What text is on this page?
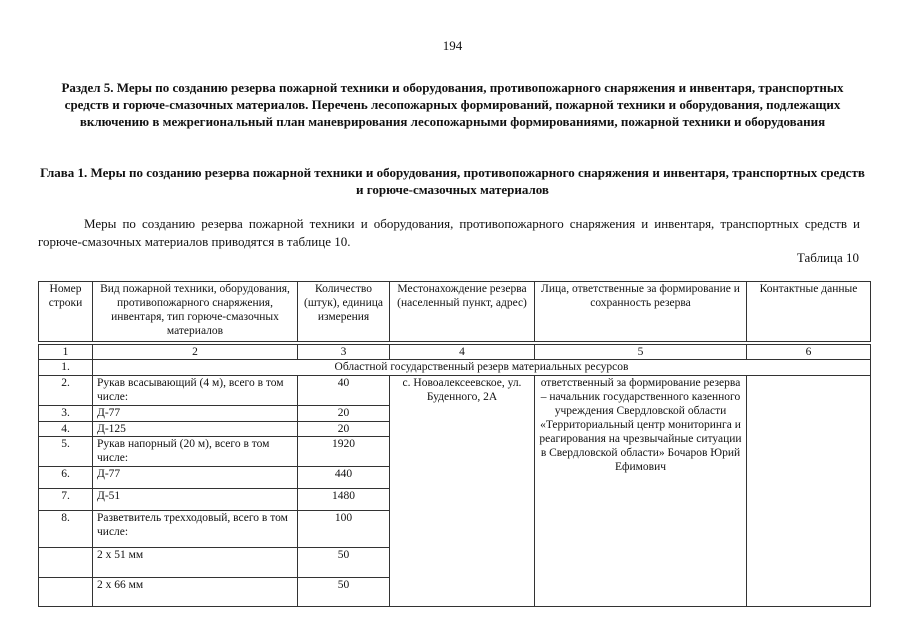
194
Раздел 5. Меры по созданию резерва пожарной техники и оборудования, противопожарного снаряжения и инвентаря, транспортных средств и горюче-смазочных материалов. Перечень лесопожарных формирований, пожарной техники и оборудования, подлежащих включению в межрегиональный план маневрирования лесопожарными формированиями, пожарной техники и оборудования
Глава 1. Меры по созданию резерва пожарной техники и оборудования, противопожарного снаряжения и инвентаря, транспортных средств и горюче-смазочных материалов
Меры по созданию резерва пожарной техники и оборудования, противопожарного снаряжения и инвентаря, транспортных средств и горюче-смазочных материалов приводятся в таблице 10.
Таблица 10
Номер строки	Вид пожарной техники, оборудования, противопожарного снаряжения, инвентаря, тип горюче-смазочных материалов	Количество (штук), единица измерения	Местонахождение резерва (населенный пункт, адрес)	Лица, ответственные за формирование и сохранность резерва	Контактные данные

1	2	3	4	5	6
1.	Областной государственный резерв материальных ресурсов				
2.	Рукав всасывающий (4 м), всего в том числе:	40	с. Новоалексеевское, ул. Буденного, 2А	ответственный за формирование резерва – начальник государственного казенного учреждения Свердловской области «Территориальный центр мониторинга и реагирования на чрезвычайные ситуации в Свердловской области» Бочаров Юрий Ефимович	
3.	Д-77	20			
4.	Д-125	20			
5.	Рукав напорный (20 м), всего в том числе:	1920			
6.	Д-77	440			
7.	Д-51	1480			
8.	Разветвитель трехходовый, всего в том числе:	100			
	2 х 51 мм	50			
	2 х 66 мм	50			
